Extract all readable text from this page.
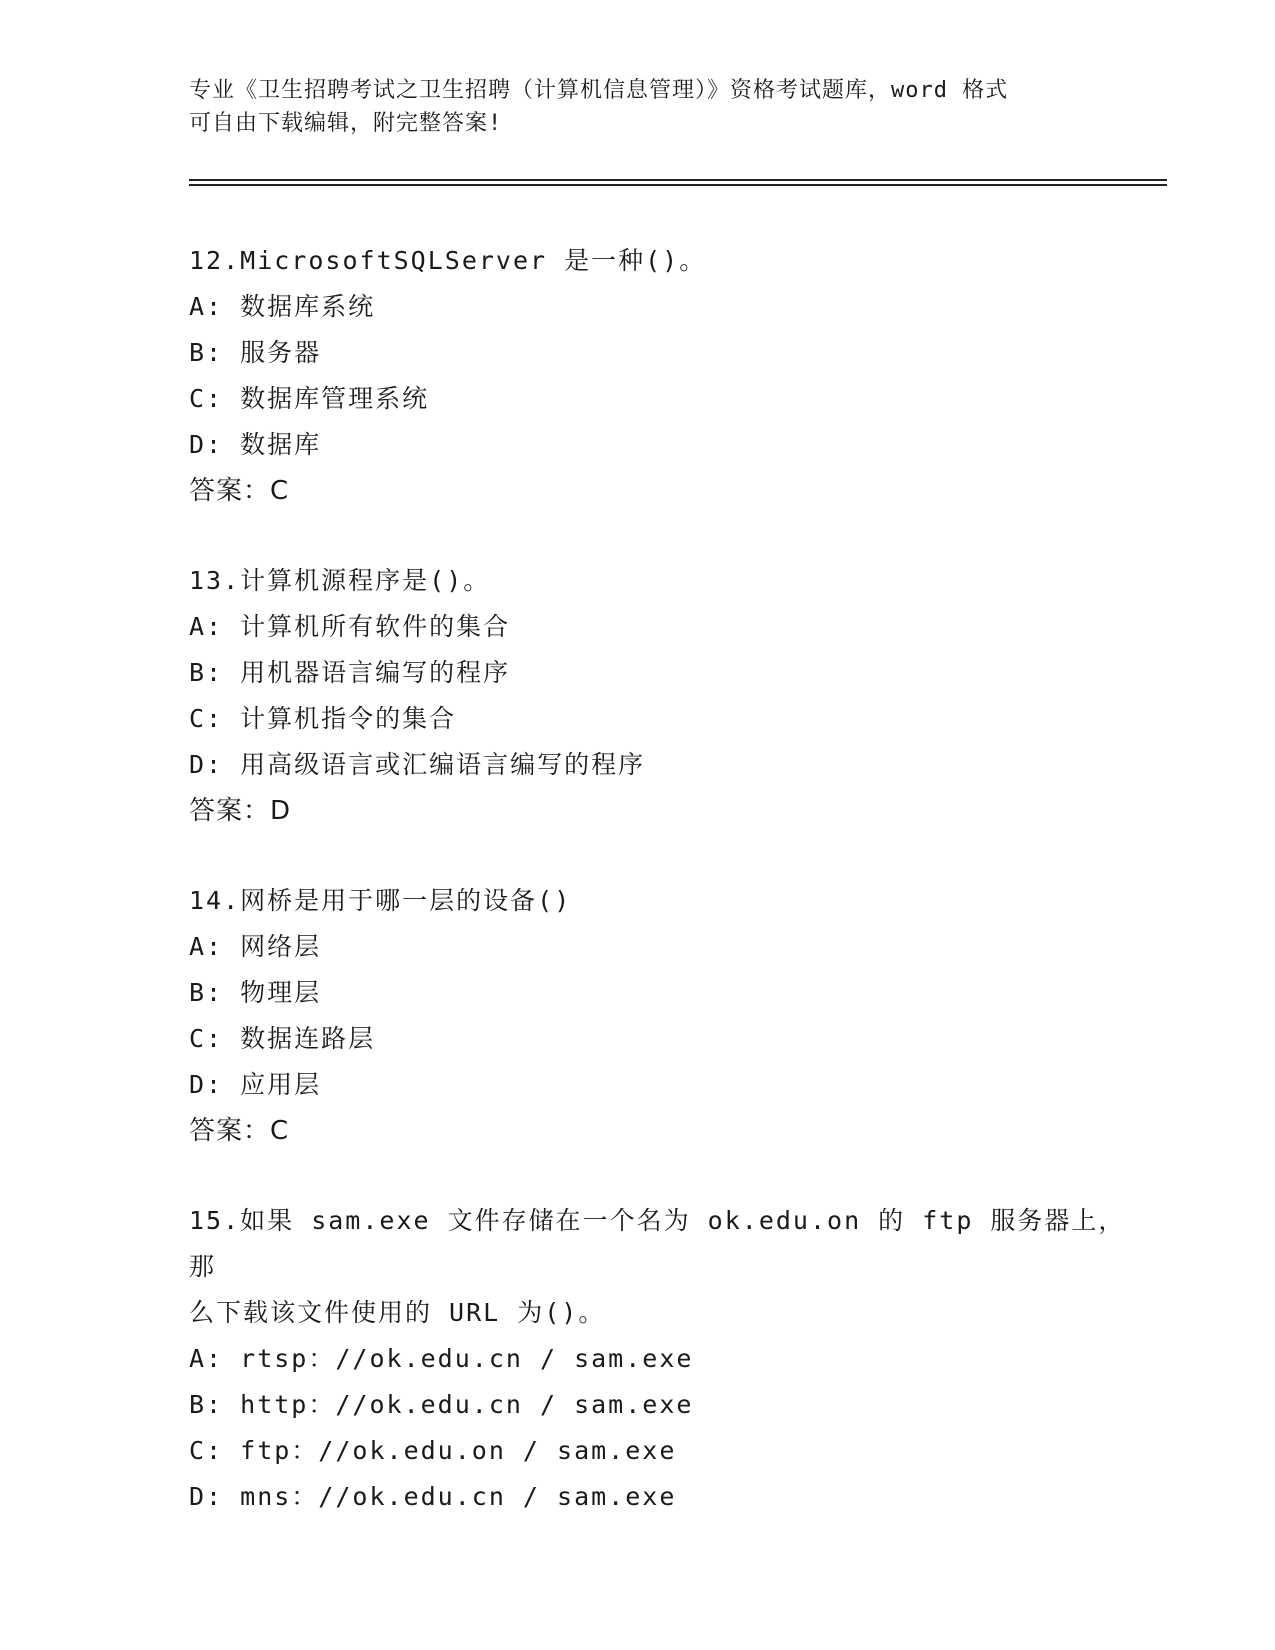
专业《卫生招聘考试之卫生招聘（计算机信息管理）》资格考试题库，word 格式

可自由下载编辑，附完整答案!

12.MicrosoftSQLServer 是一种()。

A: 数据库系统

B: 服务器

C: 数据库管理系统

D: 数据库

答案：C

13.计算机源程序是()。

A: 计算机所有软件的集合

B: 用机器语言编写的程序

C: 计算机指令的集合

D: 用高级语言或汇编语言编写的程序

答案：D

14.网桥是用于哪一层的设备()

A: 网络层

B: 物理层

C: 数据连路层

D: 应用层

答案：C

15.如果 sam.exe 文件存储在一个名为 ok.edu.on 的 ftp 服务器上，那

么下载该文件使用的 URL 为()。

A: rtsp：//ok.edu.cn / sam.exe

B: http：//ok.edu.cn / sam.exe

C: ftp：//ok.edu.on / sam.exe

D: mns：//ok.edu.cn / sam.exe
